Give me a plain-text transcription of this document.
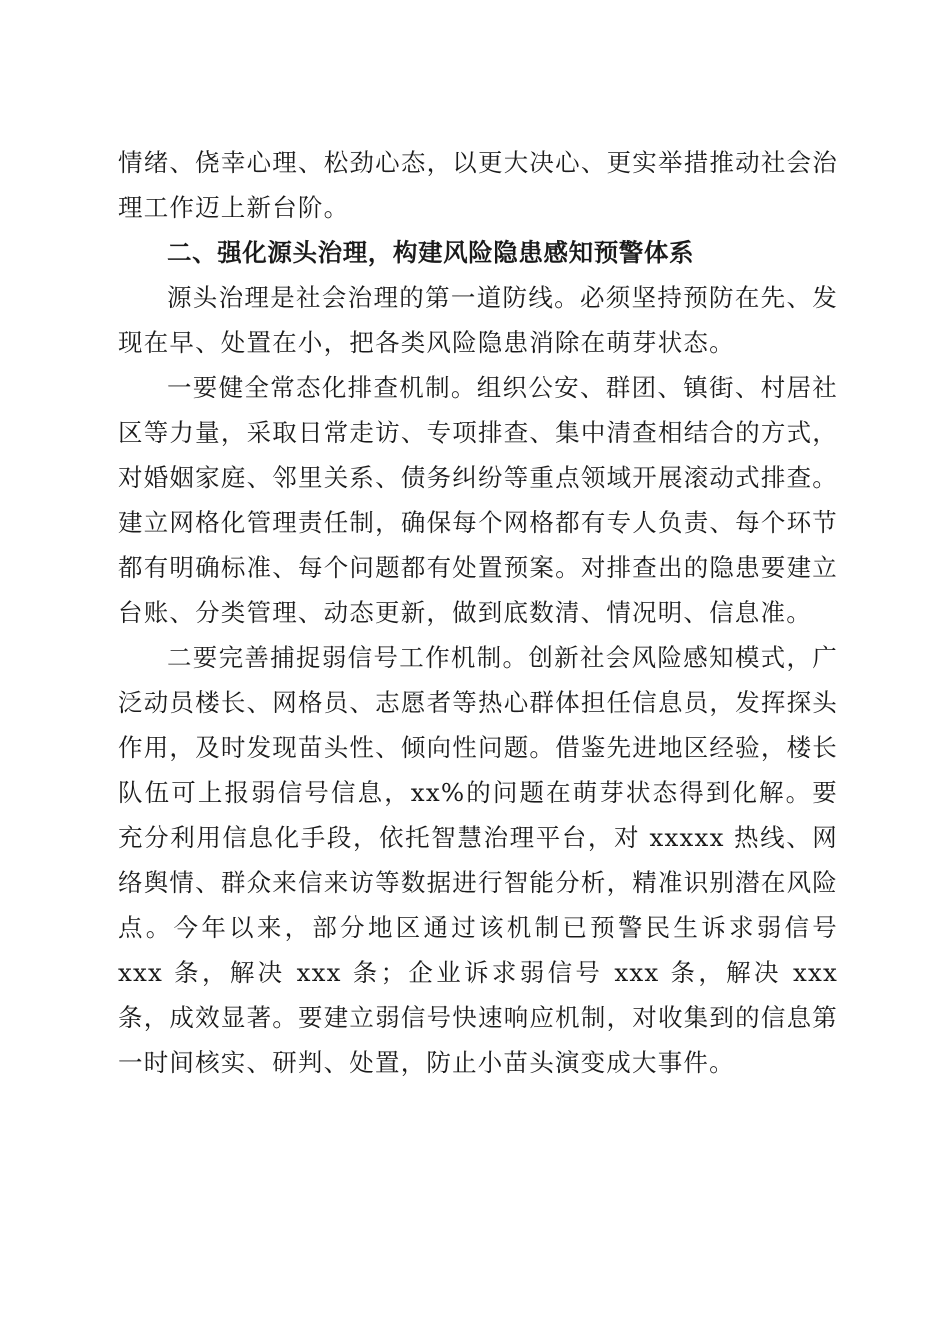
情绪、侥幸心理、松劲心态，以更大决心、更实举措推动社会治理工作迈上新台阶。

二、强化源头治理，构建风险隐患感知预警体系

源头治理是社会治理的第一道防线。必须坚持预防在先、发现在早、处置在小，把各类风险隐患消除在萌芽状态。

一要健全常态化排查机制。组织公安、群团、镇街、村居社区等力量，采取日常走访、专项排查、集中清查相结合的方式，对婚姻家庭、邻里关系、债务纠纷等重点领域开展滚动式排查。建立网格化管理责任制，确保每个网格都有专人负责、每个环节都有明确标准、每个问题都有处置预案。对排查出的隐患要建立台账、分类管理、动态更新，做到底数清、情况明、信息准。

二要完善捕捉弱信号工作机制。创新社会风险感知模式，广泛动员楼长、网格员、志愿者等热心群体担任信息员，发挥探头作用，及时发现苗头性、倾向性问题。借鉴先进地区经验，楼长队伍可上报弱信号信息，xx%的问题在萌芽状态得到化解。要充分利用信息化手段，依托智慧治理平台，对 xxxxx 热线、网络舆情、群众来信来访等数据进行智能分析，精准识别潜在风险点。今年以来，部分地区通过该机制已预警民生诉求弱信号 xxx 条，解决 xxx 条；企业诉求弱信号 xxx 条，解决 xxx 条，成效显著。要建立弱信号快速响应机制，对收集到的信息第一时间核实、研判、处置，防止小苗头演变成大事件。
